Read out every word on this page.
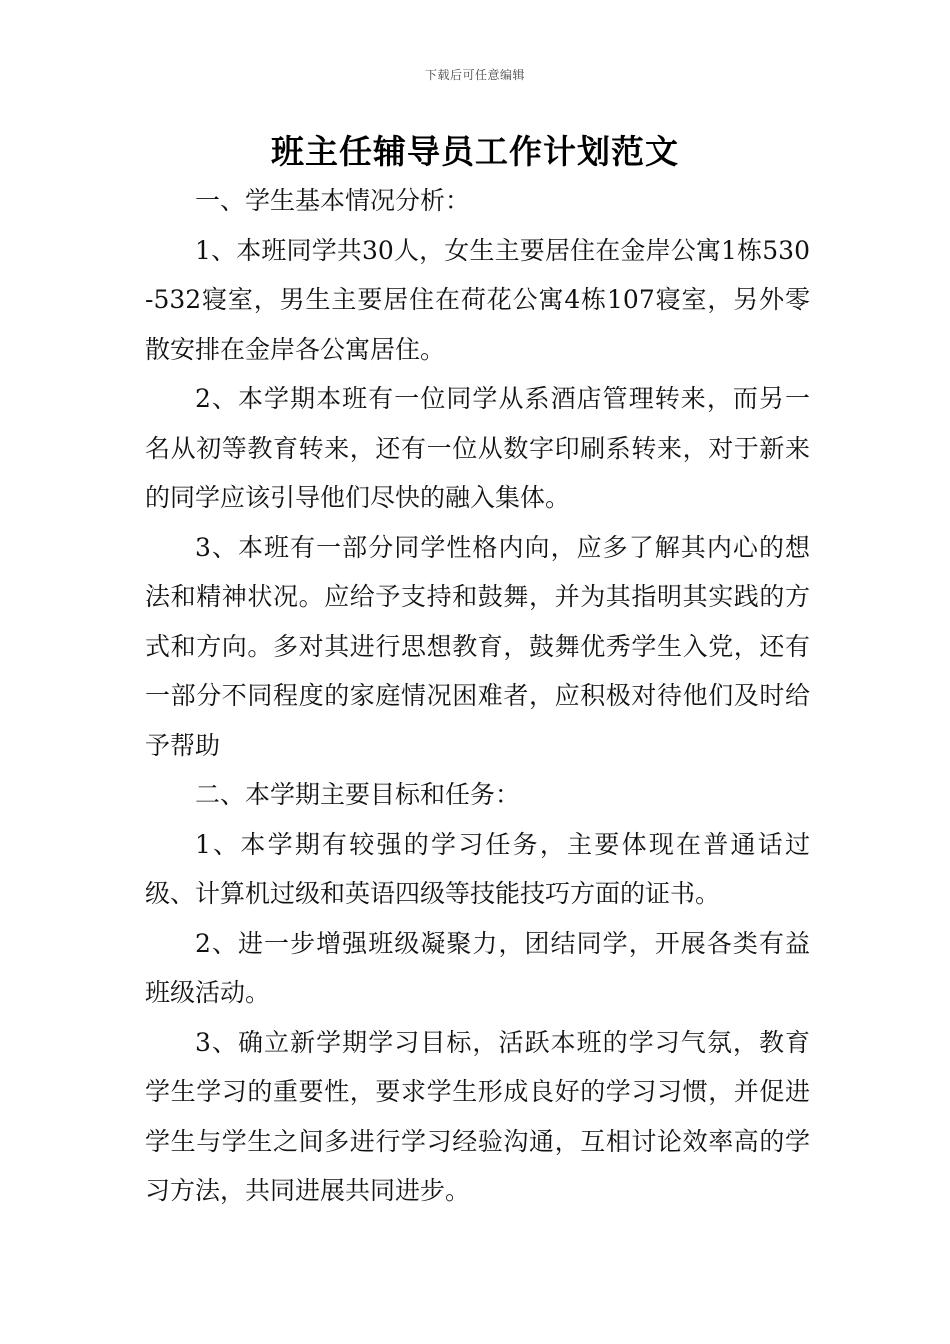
下载后可任意编辑
班主任辅导员工作计划范文

一、学生基本情况分析：

1、本班同学共30人，女生主要居住在金岸公寓1栋530-532寝室，男生主要居住在荷花公寓4栋107寝室，另外零散安排在金岸各公寓居住。

2、本学期本班有一位同学从系酒店管理转来，而另一名从初等教育转来，还有一位从数字印刷系转来，对于新来的同学应该引导他们尽快的融入集体。

3、本班有一部分同学性格内向，应多了解其内心的想法和精神状况。应给予支持和鼓舞，并为其指明其实践的方式和方向。多对其进行思想教育，鼓舞优秀学生入党，还有一部分不同程度的家庭情况困难者，应积极对待他们及时给予帮助

二、本学期主要目标和任务：

1、本学期有较强的学习任务，主要体现在普通话过级、计算机过级和英语四级等技能技巧方面的证书。

2、进一步增强班级凝聚力，团结同学，开展各类有益班级活动。

3、确立新学期学习目标，活跃本班的学习气氛，教育学生学习的重要性，要求学生形成良好的学习习惯，并促进学生与学生之间多进行学习经验沟通，互相讨论效率高的学习方法，共同进展共同进步。
